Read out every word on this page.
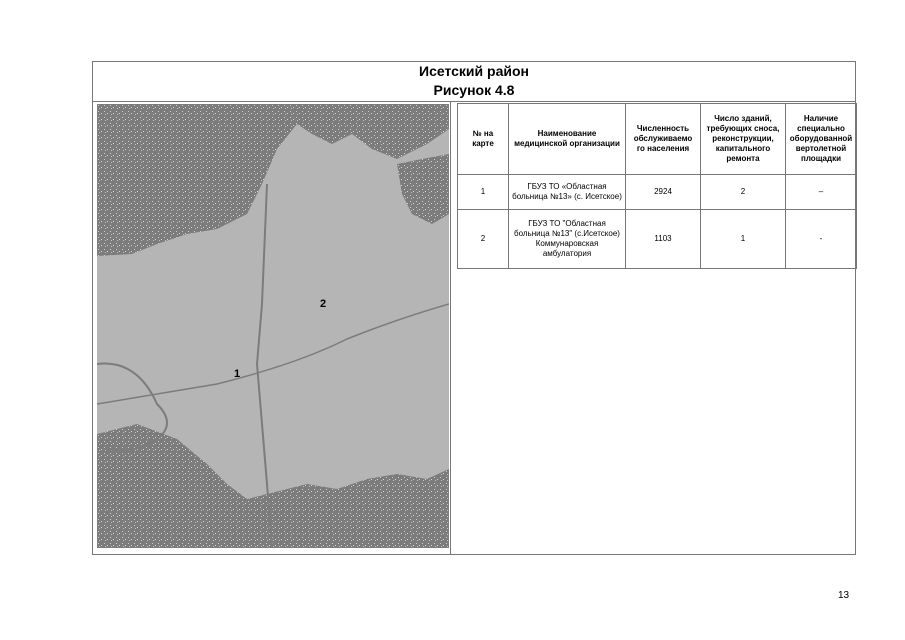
Исетский район
Рисунок 4.8
1
2
№ на карте	Наименование медицинской организации	Численность обслуживаемо го населения	Число зданий, требующих сноса, реконструкции, капитального ремонта	Наличие специально оборудованной вертолетной площадки
1	ГБУЗ ТО «Областная больница №13» (с. Исетское)	2924	2	–
2	ГБУЗ ТО "Областная больница №13" (с.Исетское) Коммунаровская амбулатория	1103	1	-
13
